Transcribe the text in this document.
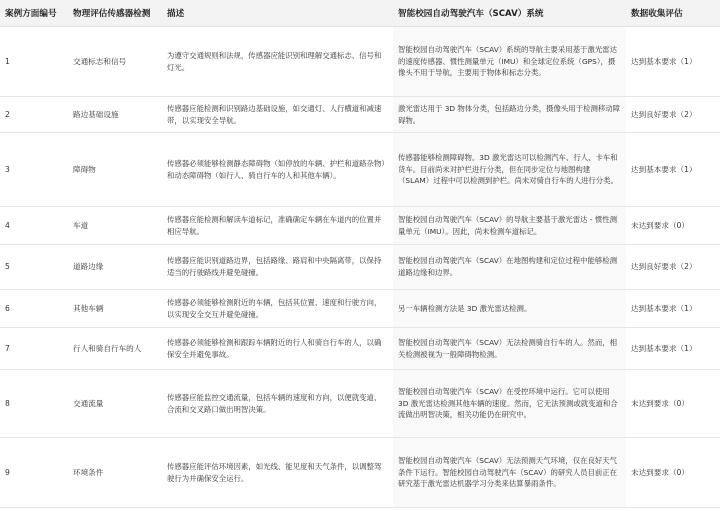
案例方面编号	物理评估传感器检测	描述	智能校园自动驾驶汽车（SCAV）系统	数据收集评估
1	交通标志和信号	为遵守交通规则和法规，传感器应能识别和理解交通标志、信号和灯光。	智能校园自动驾驶汽车（SCAV）系统的导航主要采用基于激光雷达的速度传感器、惯性测量单元（IMU）和全球定位系统（GPS），摄像头不用于导航，主要用于物体和标志分类。	达到基本要求（1）
2	路边基础设施	传感器应能检测和识别路边基础设施，如交通灯、人行横道和减速带，以实现安全导航。	激光雷达用于 3D 物体分类，包括路边分类，摄像头用于检测移动障碍物。	达到良好要求（2）
3	障碍物	传感器必须能够检测静态障碍物（如停放的车辆、护栏和道路杂物）和动态障碍物（如行人、骑自行车的人和其他车辆）。	传感器能够检测障碍物。3D 激光雷达可以检测汽车、行人、卡车和货车。目前尚未对护栏进行分类，但在同步定位与地图构建（SLAM）过程中可以检测到护栏。尚未对骑自行车的人进行分类。	达到基本要求（1）
4	车道	传感器应能检测和解读车道标记，准确确定车辆在车道内的位置并相应导航。	智能校园自动驾驶汽车（SCAV）的导航主要基于激光雷达 - 惯性测量单元（IMU）。因此，尚未检测车道标记。	未达到要求（0）
5	道路边缘	传感器应能识别道路边界，包括路缘、路肩和中央隔离带，以保持适当的行驶路线并避免碰撞。	智能校园自动驾驶汽车（SCAV）在地图构建和定位过程中能够检测道路边缘和边界。	达到良好要求（2）
6	其他车辆	传感器必须能够检测附近的车辆，包括其位置、速度和行驶方向，以实现安全交互并避免碰撞。	另一车辆检测方法是 3D 激光雷达检测。	达到基本要求（1）
7	行人和骑自行车的人	传感器必须能够检测和跟踪车辆附近的行人和骑自行车的人，以确保安全并避免事故。	智能校园自动驾驶汽车（SCAV）无法检测骑自行车的人。然而，相关检测被视为一般障碍物检测。	达到基本要求（1）
8	交通流量	传感器应能监控交通流量，包括车辆的速度和方向，以便就变道、合流和交叉路口做出明智决策。	智能校园自动驾驶汽车（SCAV）在受控环境中运行。它可以使用 3D 激光雷达检测其他车辆的速度。然而，它无法预测或就变道和合流做出明智决策，相关功能仍在研究中。	未达到要求（0）
9	环境条件	传感器应能评估环境因素，如光线、能见度和天气条件，以调整驾驶行为并确保安全运行。	智能校园自动驾驶汽车（SCAV）无法预测天气环境，仅在良好天气条件下运行。智能校园自动驾驶汽车（SCAV）的研究人员目前正在研究基于激光雷达机器学习分类来估算暴雨条件。	未达到要求（0）
